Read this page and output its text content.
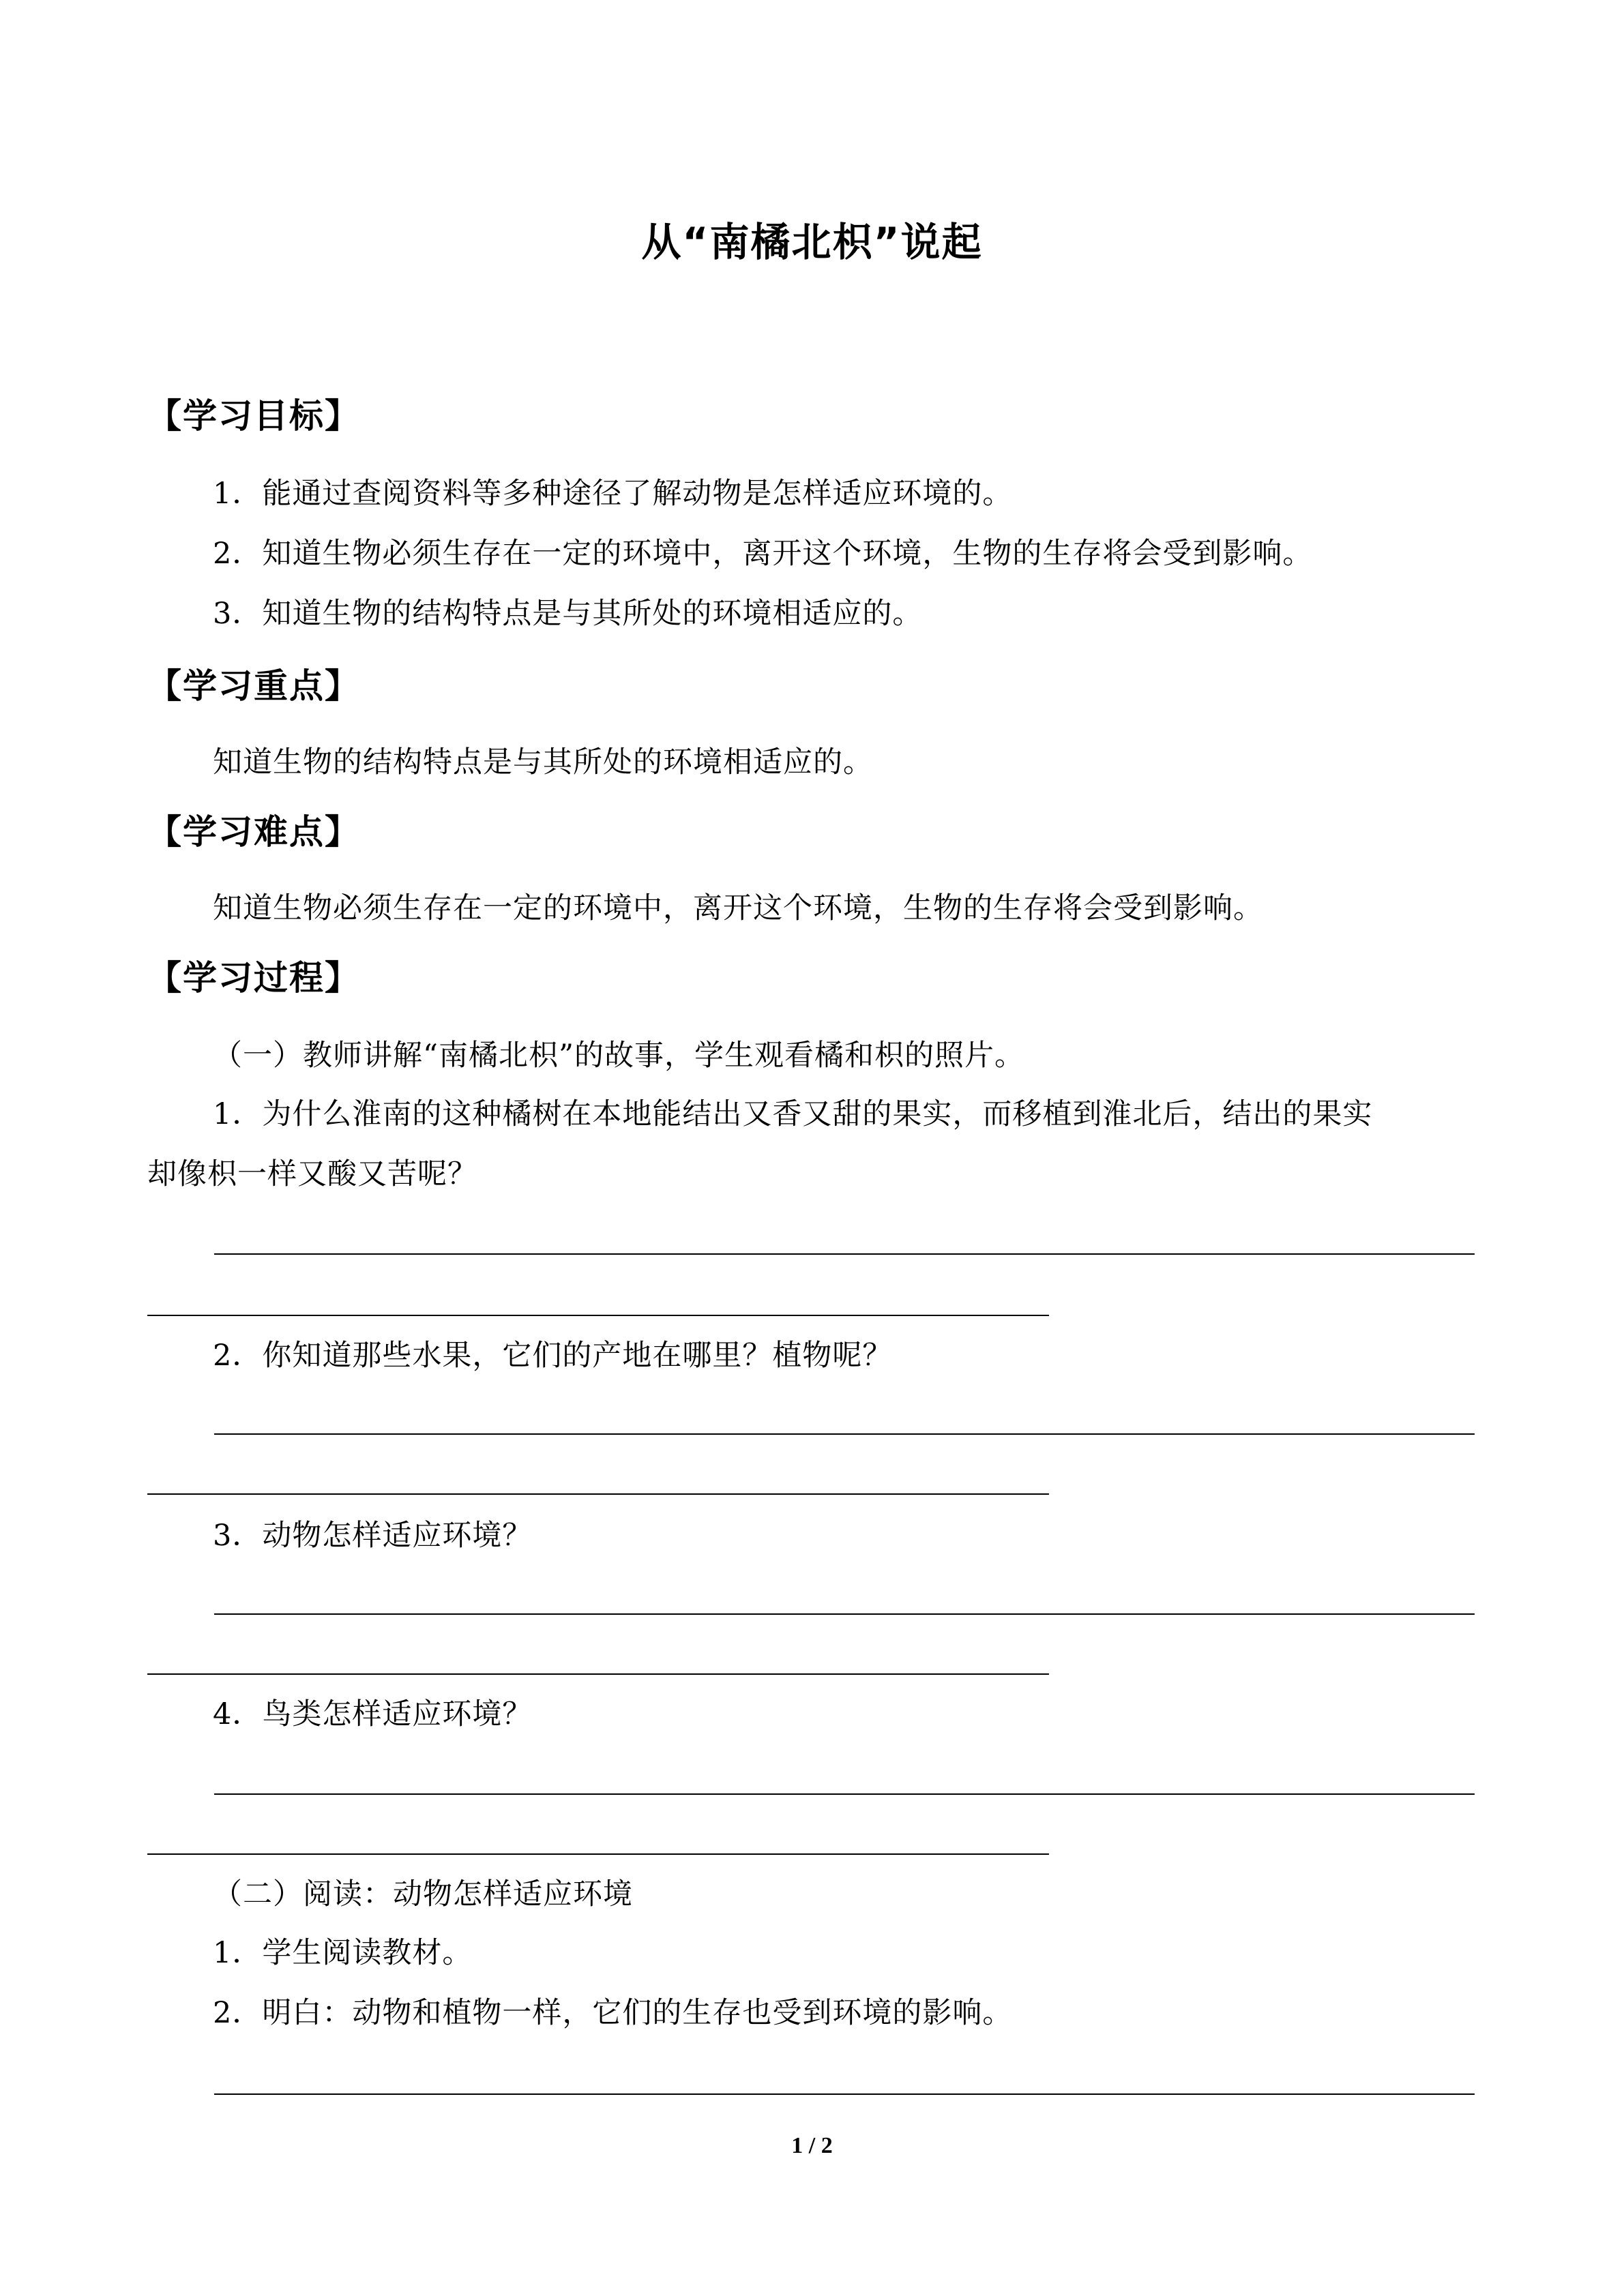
从“南橘北枳”说起
【学习目标】
1．能通过查阅资料等多种途径了解动物是怎样适应环境的。
2．知道生物必须生存在一定的环境中，离开这个环境，生物的生存将会受到影响。
3．知道生物的结构特点是与其所处的环境相适应的。
【学习重点】
知道生物的结构特点是与其所处的环境相适应的。
【学习难点】
知道生物必须生存在一定的环境中，离开这个环境，生物的生存将会受到影响。
【学习过程】
（一）教师讲解“南橘北枳”的故事，学生观看橘和枳的照片。
1．为什么淮南的这种橘树在本地能结出又香又甜的果实，而移植到淮北后，结出的果实
却像枳一样又酸又苦呢？
2．你知道那些水果，它们的产地在哪里？植物呢？
3．动物怎样适应环境？
4．鸟类怎样适应环境？
（二）阅读：动物怎样适应环境
1．学生阅读教材。
2．明白：动物和植物一样，它们的生存也受到环境的影响。
1 / 2
